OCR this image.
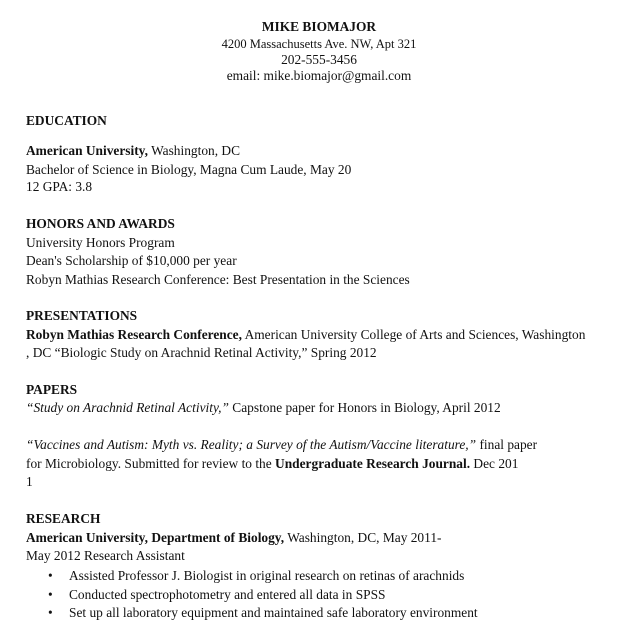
MIKE BIOMAJOR
4200 Massachusetts Ave. NW, Apt 321
202-555-3456
email: mike.biomajor@gmail.com
EDUCATION
American University, Washington, DC
Bachelor of Science in Biology, Magna Cum Laude, May 20
12 GPA: 3.8
HONORS AND AWARDS
University Honors Program
Dean's Scholarship of $10,000 per year
Robyn Mathias Research Conference: Best Presentation in the Sciences
PRESENTATIONS
Robyn Mathias Research Conference, American University College of Arts and Sciences, Washington
, DC “Biologic Study on Arachnid Retinal Activity,” Spring 2012
PAPERS
“Study on Arachnid Retinal Activity,” Capstone paper for Honors in Biology, April 2012
“Vaccines and Autism: Myth vs. Reality; a Survey of the Autism/Vaccine literature,” final paper
for Microbiology. Submitted for review to the Undergraduate Research Journal. Dec 201
1
RESEARCH
American University, Department of Biology, Washington, DC, May 2011-
May 2012 Research Assistant
• Assisted Professor J. Biologist in original research on retinas of arachnids
• Conducted spectrophotometry and entered all data in SPSS
• Set up all laboratory equipment and maintained safe laboratory environment
